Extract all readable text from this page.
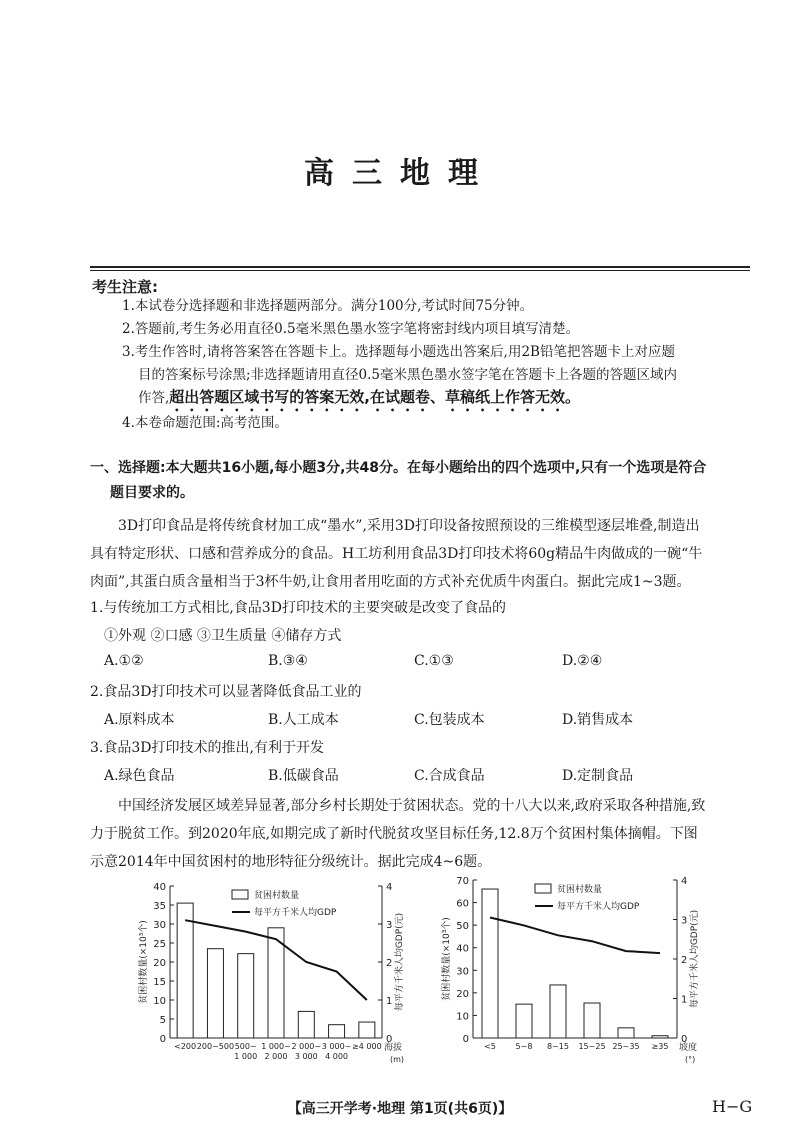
高三地理
考生注意:
1.本试卷分选择题和非选择题两部分。满分100分,考试时间75分钟。
2.答题前,考生务必用直径0.5毫米黑色墨水签字笔将密封线内项目填写清楚。
3.考生作答时,请将答案答在答题卡上。选择题每小题选出答案后,用2B铅笔把答题卡上对应题
目的答案标号涂黑;非选择题请用直径0.5毫米黑色墨水签字笔在答题卡上各题的答题区域内
作答,超出答题区域书写的答案无效,在试题卷、草稿纸上作答无效。
4.本卷命题范围:高考范围。
一、选择题:本大题共16小题,每小题3分,共48分。在每小题给出的四个选项中,只有一个选项是符合
题目要求的。
3D打印食品是将传统食材加工成“墨水”,采用3D打印设备按照预设的三维模型逐层堆叠,制造出
具有特定形状、口感和营养成分的食品。H工坊利用食品3D打印技术将60g精品牛肉做成的一碗“牛
肉面”,其蛋白质含量相当于3杯牛奶,让食用者用吃面的方式补充优质牛肉蛋白。据此完成1~3题。
1.与传统加工方式相比,食品3D打印技术的主要突破是改变了食品的
①外观 ②口感 ③卫生质量 ④储存方式
A.①②	B.③④	C.①③	D.②④
2.食品3D打印技术可以显著降低食品工业的
A.原料成本	B.人工成本	C.包装成本	D.销售成本
3.食品3D打印技术的推出,有利于开发
A.绿色食品	B.低碳食品	C.合成食品	D.定制食品
中国经济发展区域差异显著,部分乡村长期处于贫困状态。党的十八大以来,政府采取各种措施,致
力于脱贫工作。到2020年底,如期完成了新时代脱贫攻坚目标任务,12.8万个贫困村集体摘帽。下图
示意2014年中国贫困村的地形特征分级统计。据此完成4~6题。
0
5
10
15
20
25
30
35
40
0
1
2
3
4
<200 200~500 500~
1 000
1 000~
2 000
2 000~
3 000
3 000~
4 000
≥4 000 海拔
(m)
贫困村数量(×10³个)	每平方千米人均GDP(元)
贫困村数量
每平方千米人均GDP
0
10
20
30
40
50
60
70
0
1
2
3
4
<5 5~8 8~15 15~25 25~35 ≥35 坡度
(°)
贫困村数量(×10³个)	每平方千米人均GDP(元)
贫困村数量
每平方千米人均GDP
【高三开学考·地理 第1页(共6页)】	H−G
